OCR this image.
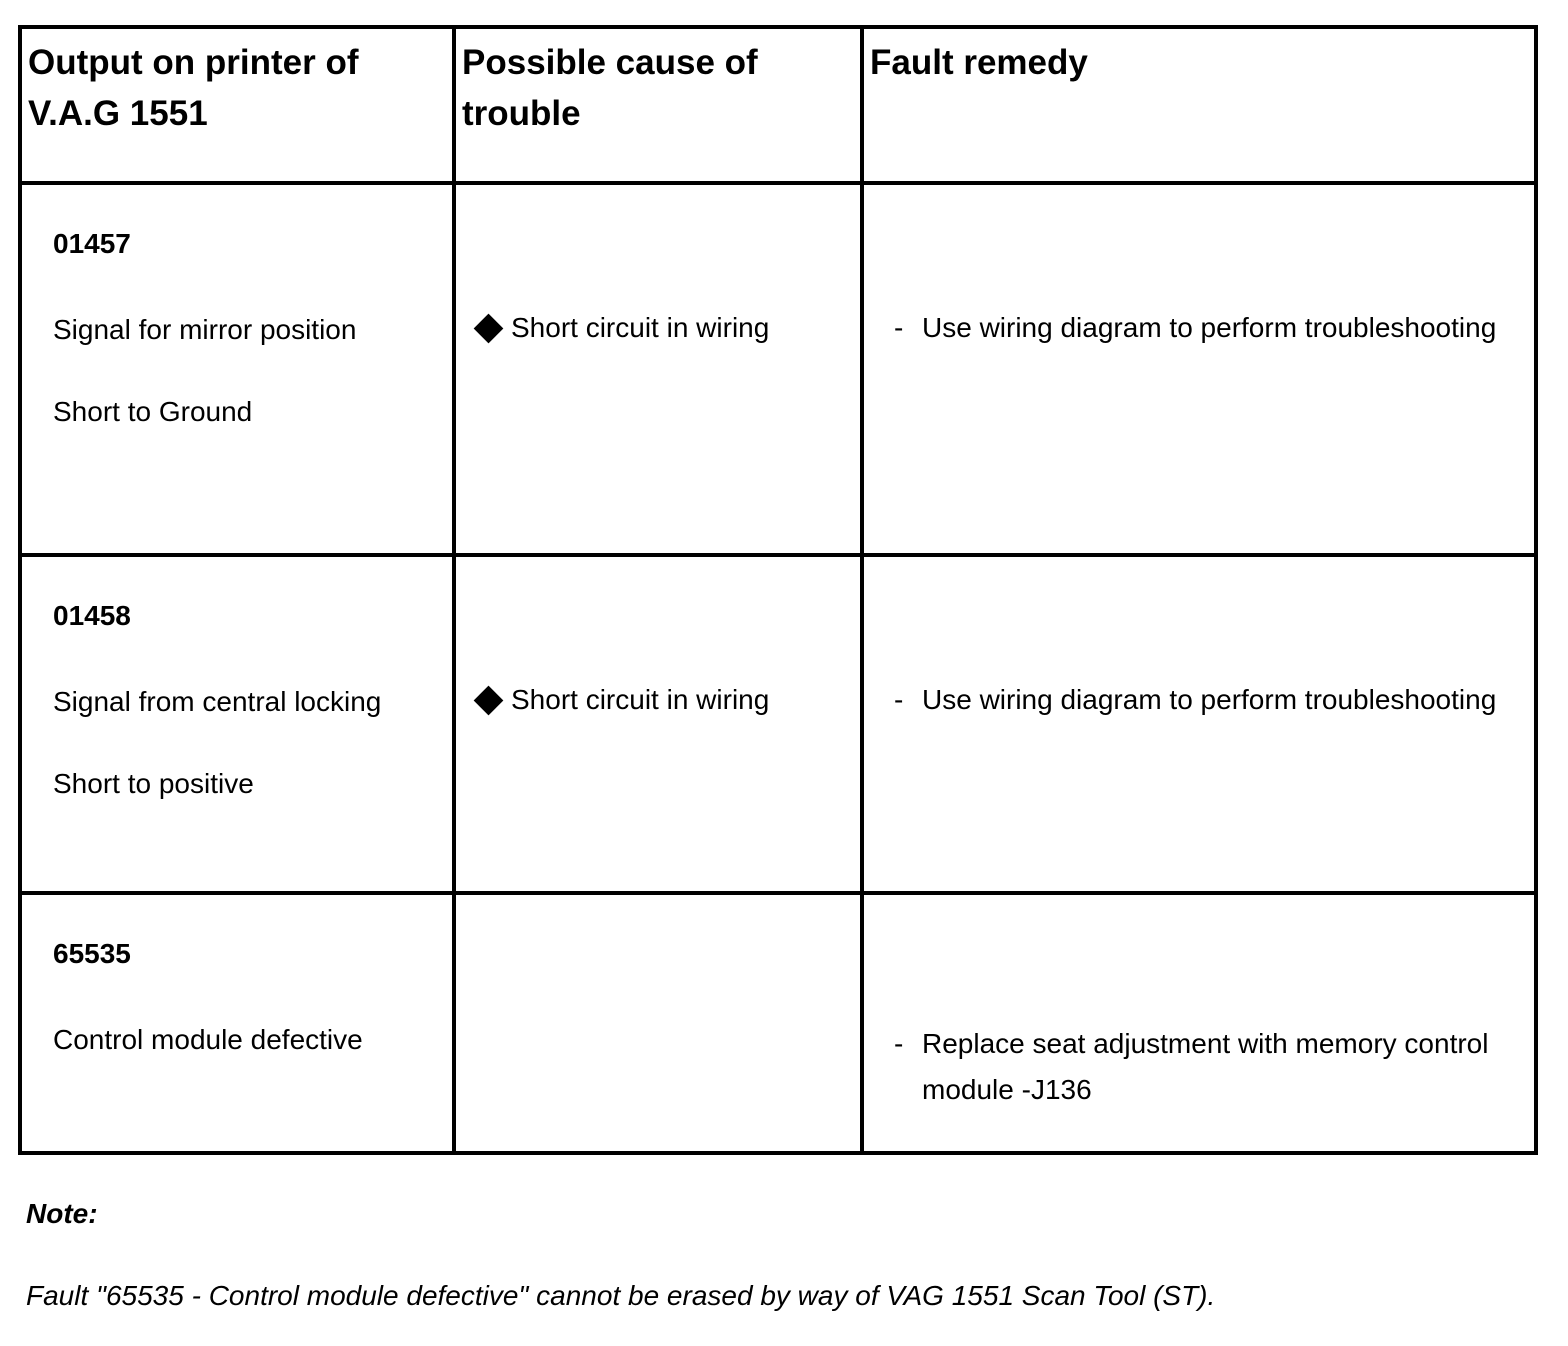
Output on printer of V.A.G 1551	Possible cause of trouble	Fault remedy

01457
Signal for mirror position
Short to Ground	Short circuit in wiring	- Use wiring diagram to perform troubleshooting

01458
Signal from central locking
Short to positive	Short circuit in wiring	- Use wiring diagram to perform troubleshooting

65535
Control module defective		- Replace seat adjustment with memory control module -J136
Note:
Fault "65535 - Control module defective" cannot be erased by way of VAG 1551 Scan Tool (ST).
